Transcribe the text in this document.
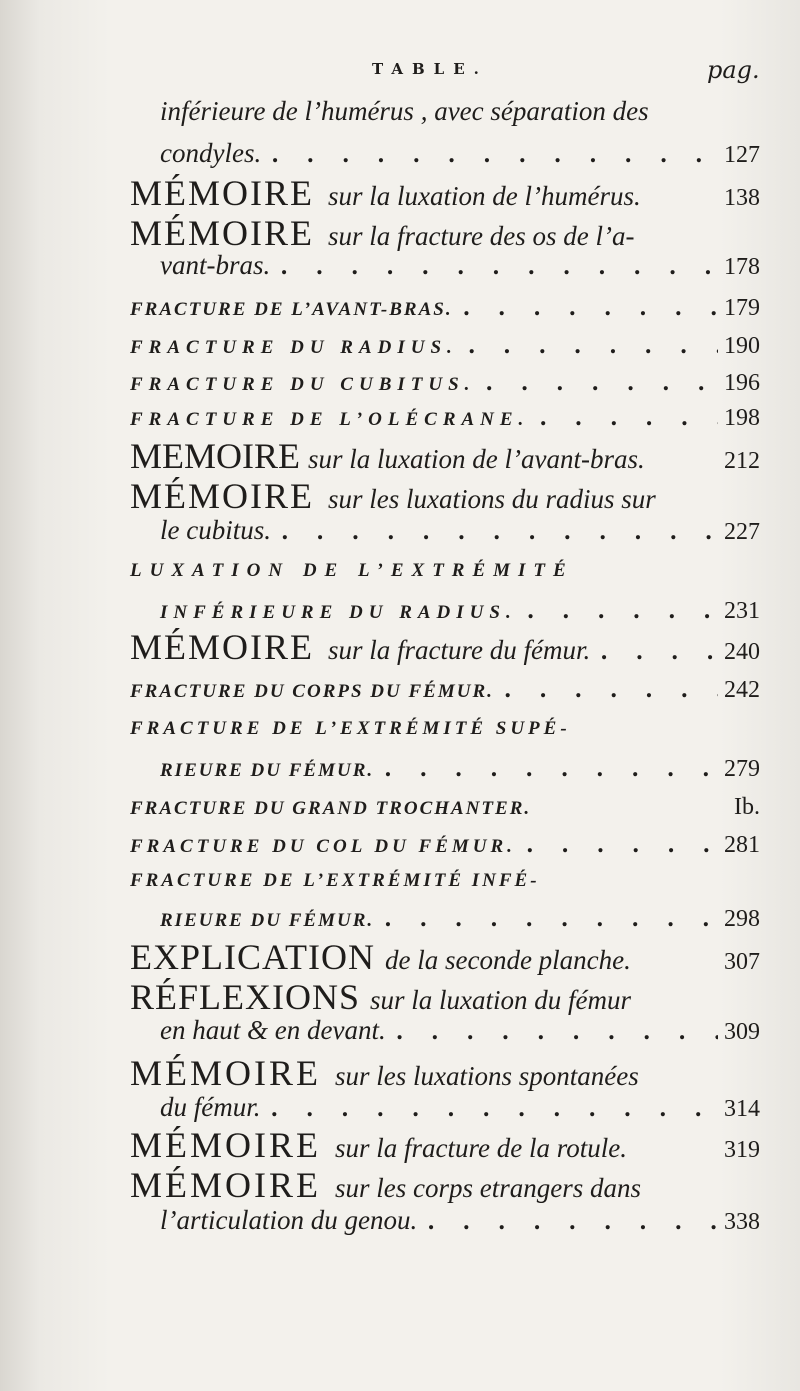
TABLE.	pag.
inférieure de l’humérus , avec séparation des
condyles. . . .	127
MÉMOIRE sur la luxation de l’humérus.	138
MÉMOIRE sur la fracture des os de l’a-
vant-bras. . . .	178
FRACTURE DE L’AVANT-BRAS. . . .	179
FRACTURE DU RADIUS. . . .	190
FRACTURE DU CUBITUS. . . .	196
FRACTURE DE L’OLÉCRANE. . . .	198
MEMOIRE sur la luxation de l’avant-bras.	212
MÉMOIRE sur les luxations du radius sur
le cubitus. . . .	227
LUXATION DE L’EXTRÉMITÉ
INFÉRIEURE DU RADIUS. . . .	231
MÉMOIRE sur la fracture du fémur. . . .	240
FRACTURE DU CORPS DU FÉMUR. . . .	242
FRACTURE DE L’EXTRÉMITÉ SUPÉ-
RIEURE DU FÉMUR. . . .	279
FRACTURE DU GRAND TROCHANTER.	Ib.
FRACTURE DU COL DU FÉMUR. . . .	281
FRACTURE DE L’EXTRÉMITÉ INFÉ-
RIEURE DU FÉMUR. . . .	298
EXPLICATION de la seconde planche.	307
RÉFLEXIONS sur la luxation du fémur
en haut & en devant. . . .	309
MÉMOIRE sur les luxations spontanées
du fémur. . . .	314
MÉMOIRE sur la fracture de la rotule.	319
MÉMOIRE sur les corps etrangers dans
l’articulation du genou. . . .	338
